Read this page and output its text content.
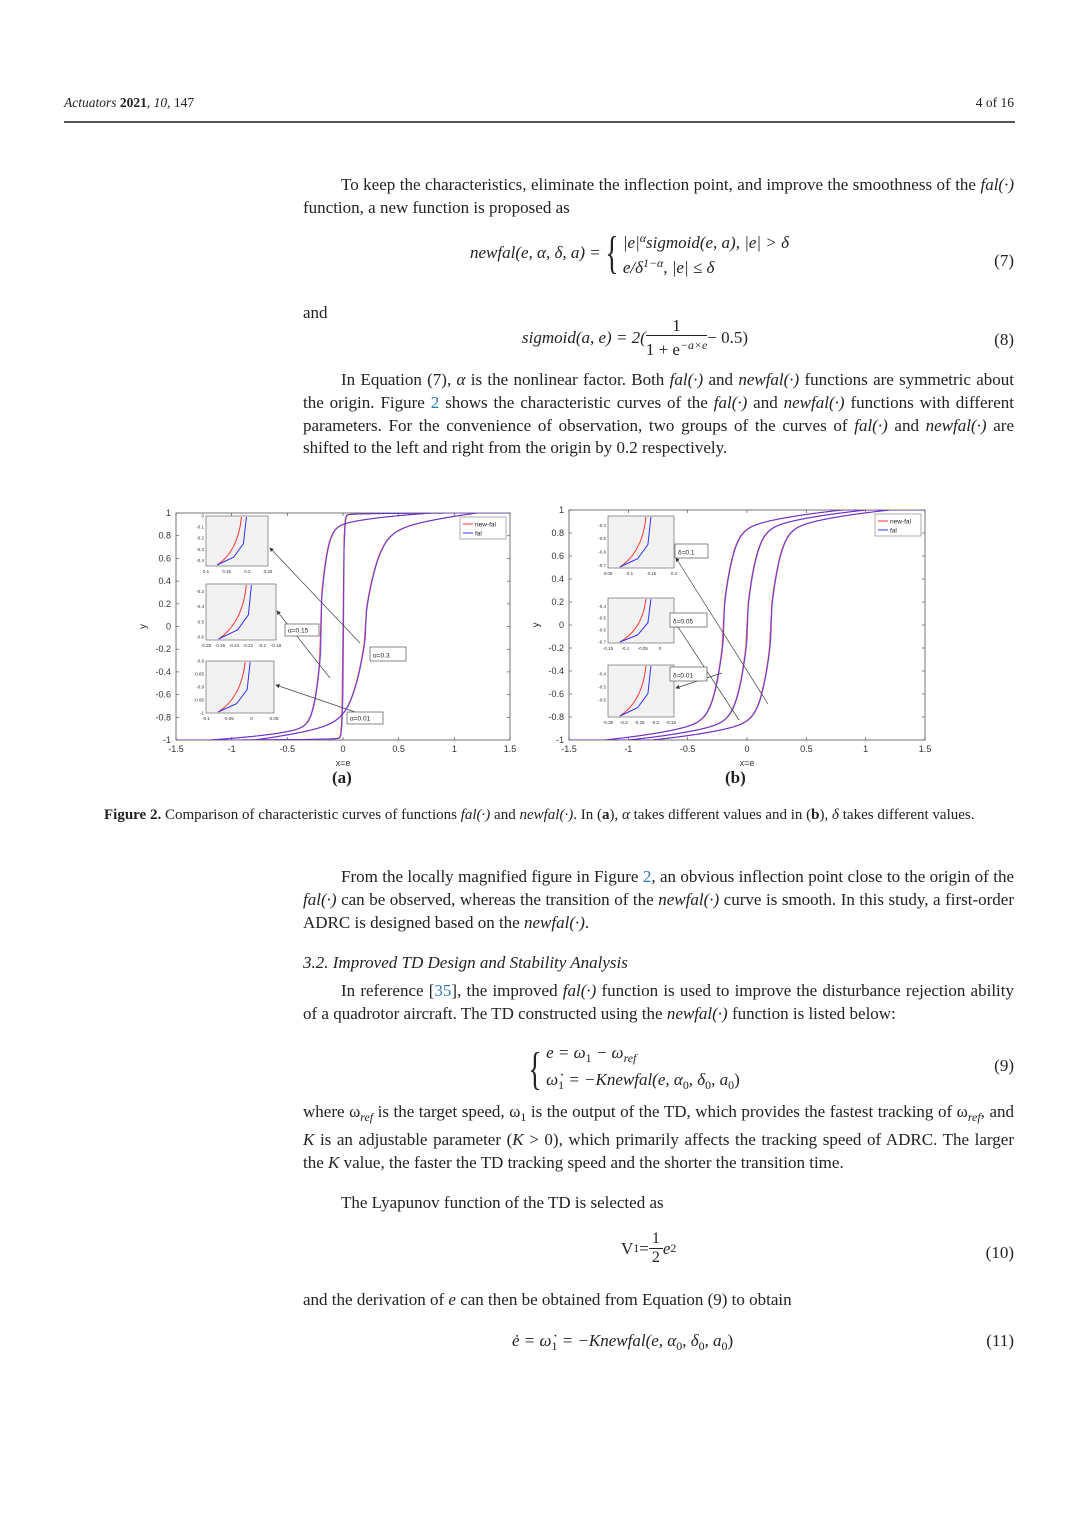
Actuators 2021, 10, 147	4 of 16
To keep the characteristics, eliminate the inflection point, and improve the smoothness of the fal(·) function, a new function is proposed as
newfal(e, α, δ, a) = { $|e|^\alpha sigmoid(e$, a), |e| > δ
$e/\delta^{1-\alpha}$, |e| ≤ δ	(7)
and
sigmoid(a, $e) = 2( \frac{1}{1 + e^{-a\times e}} - 0.5)$	(8)
In Equation (7), α is the nonlinear factor. Both fal(·) and newfal(·) functions are symmetric about the origin. Figure 2 shows the characteristic curves of the fal(·) and newfal(·) functions with different parameters. For the convenience of observation, two groups of the curves of fal(·) and newfal(·) are shifted to the left and right from the origin by 0.2 respectively.
-1.5	-1	-0.5	0	0.5	1	1.5
1
0.8
0.6
0.4
0.2
0
-0.2
-0.4
-0.6
-0.8
-1
x=e
y
new-fal
fal
0.1	0.15	0.2	0.25
0
-0.1
-0.2
-0.3
-0.4
-0.28 -0.26 -0.24 -0.22 -0.2 -0.18
-0.3
-0.4
-0.5
-0.6
-0.1	-0.05	0	0.05
-0.8
-0.85
-0.9
-0.95
-1
α=0.15
α=0.3
α=0.01
-1.5	-1	-0.5	0	0.5	1	1.5
1
0.8
0.6
0.4
0.2
0
-0.2
-0.4
-0.6
-0.8
-1
x=e
y
new-fal
fal
0.05	0.1	0.15	0.2
-0.4
-0.5
-0.6
-0.7
-0.15 -0.1 -0.05 0
-0.4
-0.5
-0.6
-0.7
-0.35 -0.3 -0.25 -0.2 -0.15
-0.4
-0.5
-0.6
δ=0.1
δ=0.05
δ=0.01
(a)	(b)
Figure 2. Comparison of characteristic curves of functions fal(·) and newfal(·). In (a), α takes different values and in (b), δ takes different values.
From the locally magnified figure in Figure 2, an obvious inflection point close to the origin of the fal(·) can be observed, whereas the transition of the newfal(·) curve is smooth. In this study, a first-order ADRC is designed based on the newfal(·).
3.2. Improved TD Design and Stability Analysis
In reference [35], the improved fal(·) function is used to improve the disturbance rejection ability of a quadrotor aircraft. The TD constructed using the newfal(·) function is listed below:
{ $e = \omega_1 - \omega_{ref}$
$\omegȧ_1$ = −Knewfal(e, $\alpha_0$, $\delta_0$, $a_0$)
(9)
where $\omega_{ref}$ is the target speed, $\omega_1$ is the output of the TD, which provides the fastest tracking of $\omega_{ref}$, and K is an adjustable parameter (K > 0), which primarily affects the tracking speed of ADRC. The larger the K value, the faster the TD tracking speed and the shorter the transition time.
The Lyapunov function of the TD is selected as
V $1 = \frac{1}{2}$ e 2	(10)
and the derivation of e can then be obtained from Equation (9) to obtain
ė = $\omegȧ_1$ = −Knewfal(e, $\alpha_0$, $\delta_0$, $a_0$)	(11)
